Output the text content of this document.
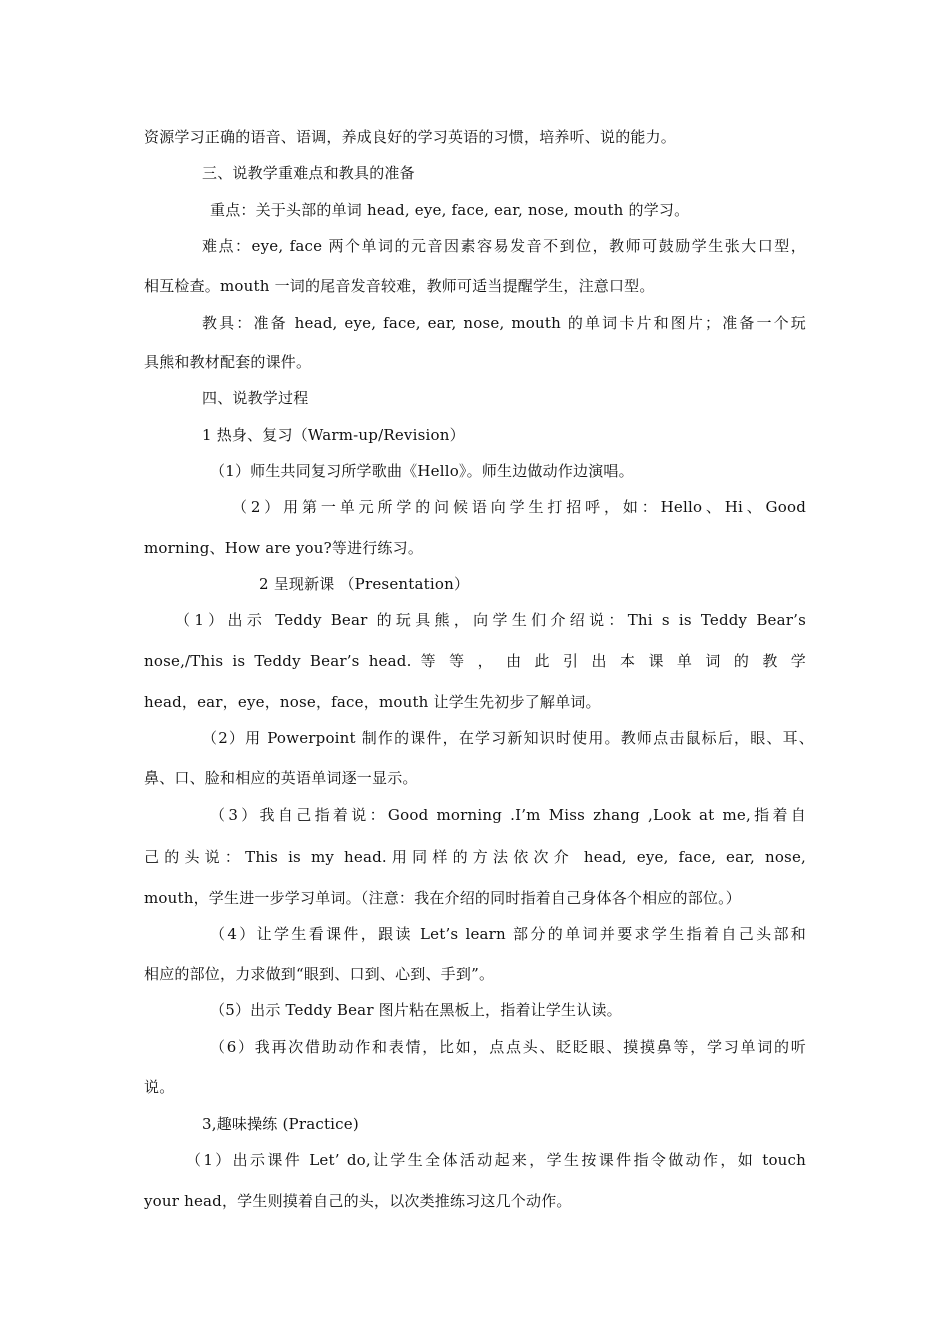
资源学习正确的语音、语调，养成良好的学习英语的习惯，培养听、说的能力。

三、说教学重难点和教具的准备

重点：关于头部的单词 head, eye, face, ear, nose, mouth 的学习。

难点：eye, face 两个单词的元音因素容易发音不到位，教师可鼓励学生张大口型，

相互检查。mouth 一词的尾音发音较难，教师可适当提醒学生，注意口型。

教具：准备 head, eye, face, ear, nose, mouth 的单词卡片和图片；准备一个玩

具熊和教材配套的课件。

四、说教学过程

1 热身、复习（Warm-up/Revision）

（1）师生共同复习所学歌曲《Hello》。师生边做动作边演唱。

（2）用第一单元所学的问候语向学生打招呼，如：Hello、Hi、Good

morning、How are you?等进行练习。

2 呈现新课 （Presentation）

（1）出示 Teddy Bear 的玩具熊，向学生们介绍说：Thi s is Teddy Bear’s

nose,/This is Teddy Bear’s head. 等 等 ， 由 此 引 出 本 课 单 词 的 教 学

head，ear，eye，nose，face，mouth 让学生先初步了解单词。

（2）用 Powerpoint 制作的课件，在学习新知识时使用。教师点击鼠标后，眼、耳、

鼻、口、脸和相应的英语单词逐一显示。

（3）我自己指着说：Good morning .I’m Miss zhang ,Look at me,指着自

己的头说：This is my head.用同样的方法依次介 head, eye, face, ear, nose,

mouth，学生进一步学习单词。（注意：我在介绍的同时指着自己身体各个相应的部位。）

（4）让学生看课件，跟读 Let’s learn 部分的单词并要求学生指着自己头部和

相应的部位，力求做到“眼到、口到、心到、手到”。

（5）出示 Teddy Bear 图片粘在黑板上，指着让学生认读。

（6）我再次借助动作和表情，比如，点点头、眨眨眼、摸摸鼻等，学习单词的听

说。

3,趣味操练 (Practice)

（1）出示课件 Let’ do,让学生全体活动起来，学生按课件指令做动作，如 touch

your head，学生则摸着自己的头，以次类推练习这几个动作。
